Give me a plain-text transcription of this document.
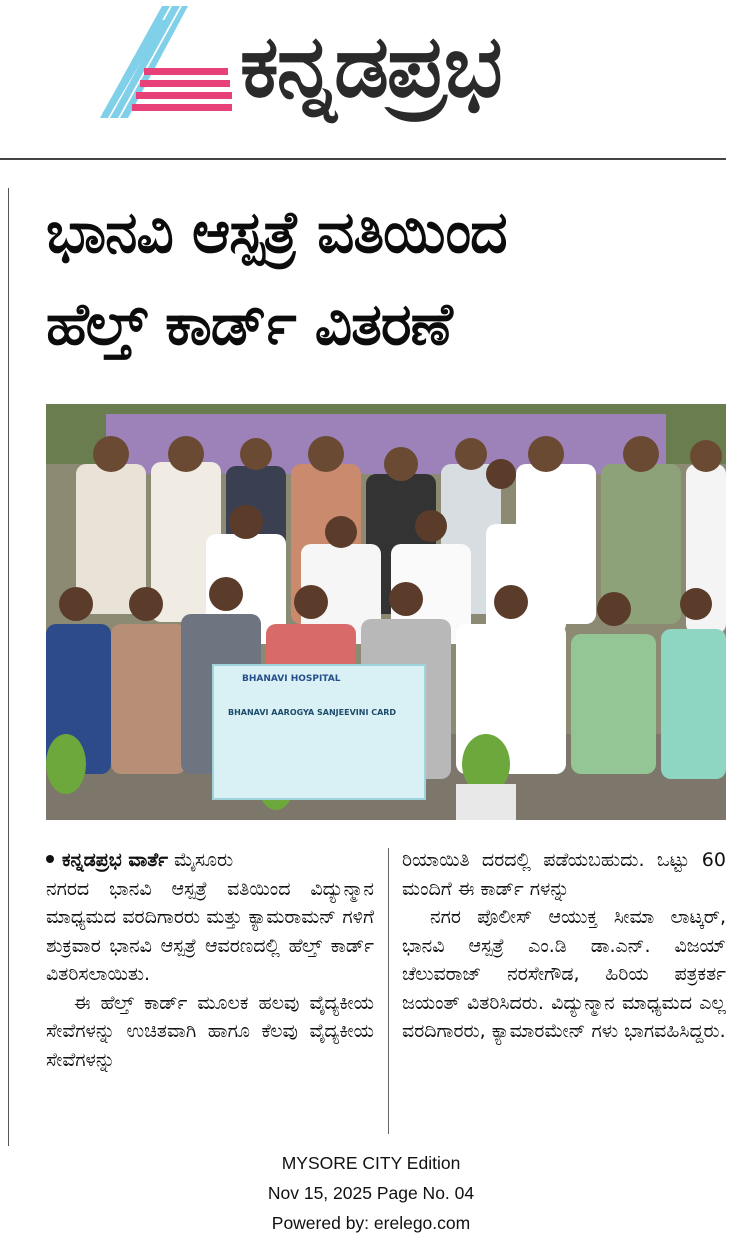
ಕನ್ನಡಪ್ರಭ
ಭಾನವಿ ಆಸ್ಪತ್ರೆ ವತಿಯಿಂದ
ಹೆಲ್ತ್ ಕಾರ್ಡ್ ವಿತರಣೆ
BHANAVI HOSPITAL
BHANAVI AAROGYA SANJEEVINI CARD

ಕನ್ನಡಪ್ರಭ ವಾರ್ತೆ ಮೈಸೂರು

ನಗರದ ಭಾನವಿ ಆಸ್ಪತ್ರೆ ವತಿಯಿಂದ ವಿದ್ಯುನ್ಮಾನ ಮಾಧ್ಯಮದ ವರದಿಗಾರರು ಮತ್ತು ಕ್ಯಾಮರಾಮನ್ ಗಳಿಗೆ ಶುಕ್ರವಾರ ಭಾನವಿ ಆಸ್ಪತ್ರೆ ಆವರಣದಲ್ಲಿ ಹೆಲ್ತ್ ಕಾರ್ಡ್ ವಿತರಿಸಲಾಯಿತು.

ಈ ಹೆಲ್ತ್ ಕಾರ್ಡ್ ಮೂಲಕ ಹಲವು ವೈದ್ಯಕೀಯ ಸೇವೆಗಳನ್ನು ಉಚಿತವಾಗಿ ಹಾಗೂ ಕೆಲವು ವೈದ್ಯಕೀಯ ಸೇವೆಗಳನ್ನು

ರಿಯಾಯಿತಿ ದರದಲ್ಲಿ ಪಡೆಯಬಹುದು. ಒಟ್ಟು 60 ಮಂದಿಗೆ ಈ ಕಾರ್ಡ್ ಗಳನ್ನು

ನಗರ ಪೊಲೀಸ್ ಆಯುಕ್ತ ಸೀಮಾ ಲಾಟ್ಕರ್, ಭಾನವಿ ಆಸ್ಪತ್ರೆ ಎಂ.ಡಿ ಡಾ.ಎನ್. ವಿಜಯ್ ಚೆಲುವರಾಜ್ ನರಸೇಗೌಡ, ಹಿರಿಯ ಪತ್ರಕರ್ತ ಜಯಂತ್ ವಿತರಿಸಿದರು. ವಿದ್ಯುನ್ಮಾನ ಮಾಧ್ಯಮದ ಎಲ್ಲ ವರದಿಗಾರರು, ಕ್ಯಾಮಾರಮೇನ್ ಗಳು ಭಾಗವಹಿಸಿದ್ದರು.

MYSORE CITY Edition
Nov 15, 2025 Page No. 04
Powered by: erelego.com
